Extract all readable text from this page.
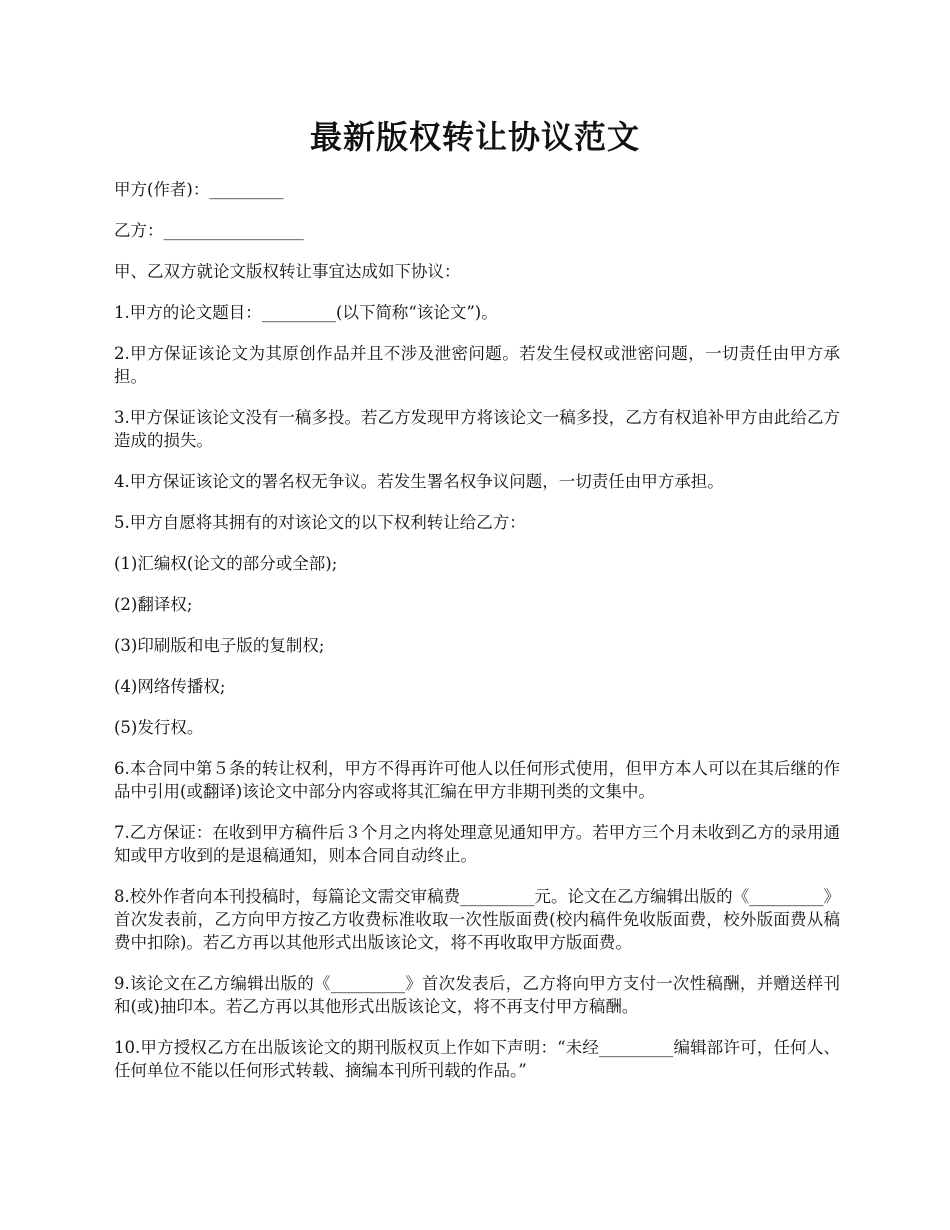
最新版权转让协议范文

甲方(作者)：_________

乙方：_________________

甲、乙双方就论文版权转让事宜达成如下协议：

1.甲方的论文题目：_________(以下简称“该论文”)。

2.甲方保证该论文为其原创作品并且不涉及泄密问题。若发生侵权或泄密问题，一切责任由甲方承担。

3.甲方保证该论文没有一稿多投。若乙方发现甲方将该论文一稿多投，乙方有权追补甲方由此给乙方造成的损失。

4.甲方保证该论文的署名权无争议。若发生署名权争议问题，一切责任由甲方承担。

5.甲方自愿将其拥有的对该论文的以下权利转让给乙方：

(1)汇编权(论文的部分或全部);

(2)翻译权;

(3)印刷版和电子版的复制权;

(4)网络传播权;

(5)发行权。

6.本合同中第５条的转让权利，甲方不得再许可他人以任何形式使用，但甲方本人可以在其后继的作品中引用(或翻译)该论文中部分内容或将其汇编在甲方非期刊类的文集中。

7.乙方保证：在收到甲方稿件后３个月之内将处理意见通知甲方。若甲方三个月未收到乙方的录用通知或甲方收到的是退稿通知，则本合同自动终止。

8.校外作者向本刊投稿时，每篇论文需交审稿费_________元。论文在乙方编辑出版的《_________》首次发表前，乙方向甲方按乙方收费标准收取一次性版面费(校内稿件免收版面费，校外版面费从稿费中扣除)。若乙方再以其他形式出版该论文，将不再收取甲方版面费。

9.该论文在乙方编辑出版的《_________》首次发表后，乙方将向甲方支付一次性稿酬，并赠送样刊和(或)抽印本。若乙方再以其他形式出版该论文，将不再支付甲方稿酬。

10.甲方授权乙方在出版该论文的期刊版权页上作如下声明：“未经_________编辑部许可，任何人、任何单位不能以任何形式转载、摘编本刊所刊载的作品。”
